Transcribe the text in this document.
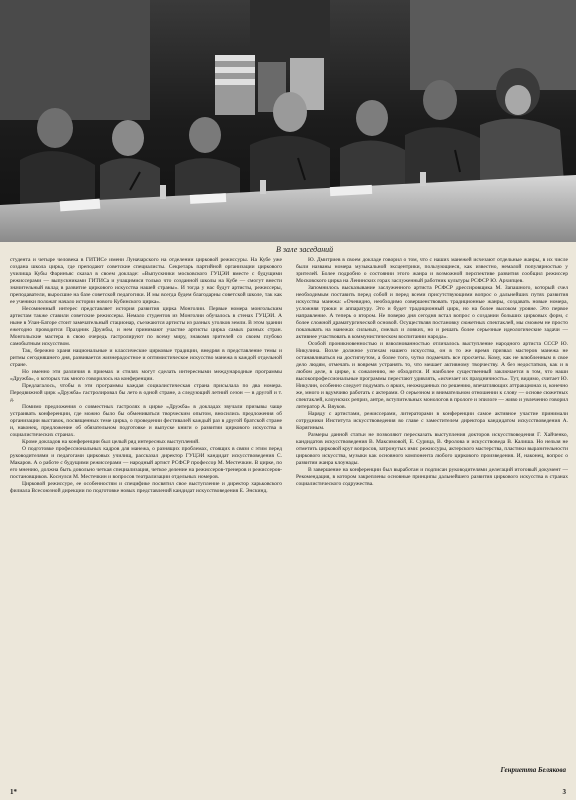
В зале заседаний

студента и четыре человека в ГИТИСе имени Луначарского на отделении цирковой режиссуры. На Кубе уже создана школа цирка, где преподают советские специалисты. Секретарь партийной организации циркового училища Кубы Фаринъяс сказал в своем докладе: «Выпускники московского ГУЦЭИ вместе с будущими режиссерами — выпускниками ГИТИСа и учащимися только что созданной школы на Кубе — смогут внести значительный вклад в развитие циркового искусства нашей страны». И тогда у нас будут артисты, режиссеры, преподаватели, выросшие на базе советской педагогики. И мы всегда будем благодарны советской школе, так как ее ученики положат начало истории нового Кубинского цирка».

Несомненный интерес представляет история развития цирка Монголии. Первые номера монгольским артистам также ставили советские режиссеры. Немало студентов из Монголии обучалось в стенах ГУЦЭИ. А ныне в Улан-Баторе стоит замечательный стационар, съезжаются артисты из разных уголков земли. В этом здании ежегодно проводится Праздник Дружбы, и нем принимают участие артисты цирка самых разных стран. Монгольские мастера в свою очередь гастролируют по всему миру, знакомя зрителей со своим глубоко самобытным искусством.

Так, бережно храня национальные и классические цирковые традиции, внедряя в представление темы и ритмы сегодняшнего дня, развивается жизнерадостное и оптимистическое искусство манежа в каждой отдельной стране.

Но именно эти различия в приемах и стилях могут сделать интересными международные программы «Дружба», о которых так много говорилось на конференции.

Предлагалось, чтобы в эти программы каждая социалистическая страна присылала по два номера. Передвижной цирк «Дружба» гастролировал бы лето в одной стране, а следующий летний сезон — в другой и т. д.

Помимо предложения о совместных гастролях в цирке «Дружба» в докладах звучали призывы чаще устраивать конференции, где можно было бы обмениваться творческим опытом, вносились предложения об организации выставок, посвященных теме цирка, о проведении фестивалей каждый раз в другой братской стране и, наконец, предложение об обязательном подготовке и выпуске книги о развитии циркового искусства в социалистических странах.

Кроме докладов на конференции был целый ряд интересных выступлений.

О подготовке профессиональных кадров для манежа, о разнящих проблемах, стоящих в связи с этим перед руководителями и педагогами цирковых училищ, рассказал директор ГУЦЭИ кандидат искусствоведения С. Макаров. А о работе с будущими режиссерами — народный артист РСФСР профессор М. Местечкин. В цирке, по его мнению, должна быть довольно четкая специализация, четкое деление на режиссеров-тренеров и режиссеров-постановщиков. Коснулся М. Местечкин и вопросов театрализации отдельных номеров.

Цирковой режиссуре, ее особенностям и специфике посвятил свое выступление и директор харьковского филиала Всесоюзной дирекции по подготовке новых представлений кандидат искусствоведения Е. Энскинд.

Ю. Дмитриев в своем докладе говорил о том, что с наших манежей исчезают отдельные жанры, в их числе были названы номера музыкальной эксцентрики, пользующиеся, как известно, немалой популярностью у зрителей. Более подробно о состоянии этого жанра и возможной перспективе развития сообщил режиссер Московского цирка на Ленинских горах заслуженный работник культуры РСФСР Ю. Архипцев.

Запомнилось высказывание заслуженного артиста РСФСР дрессировщика М. Запашного, который счел необходимым поставить перед собой и перед всеми присутствующими вопрос о дальнейших путях развития искусства манежа: «Очевидно, необходимо совершенствовать традиционные жанры, создавать новые номера, усложняя трюки и аппаратуру. Это и будет традиционный цирк, но на более высоком уровне. Это первое направление. А теперь о втором. Не поверю дня сегодня встал вопрос о создании больших цирковых форм, с более сложной драматургической основой. Осуществляя постановку сюжетных спектаклей, мы сможем не просто показывать на манежах сильных, смелых и ловких, но и решать более серьезные идеологические задачи — активнее участвовать в коммунистическом воспитании народа».

Особой проникновенностью и взволнованностью отличалось выступление народного артиста СССР Ю. Никулина. Возле должное успехам нашего искусства, он в то же время призвал мастеров манежа не останавливаться на достигнутом, а более того, чутко подмечать все просчеты. Кому, как не влюбленным в свое дело людям, отмечать и вовремя устранять то, что мешает активному творчеству. А без недостатков, как и в любом деле, в цирке, к сожалению, не обходится. И наиболее существенный заключается в том, что наши высокопрофессиональные программы перестают удивлять, «исчезает их праздничность». Тут, видимо, считает Ю. Никулин, особенно следует подумать о ярких, неожиданных по решению, впечатляющих аттракционах и, конечно же, много и вдумчиво работать с актерами. О серьезном и внимательном отношении к слову — основе сюжетных спектаклей, клоунских реприз, антре, вступительных монологов в прологе и эпилоге — живо и увлеченно говорил литератор А. Вяуков.

Наряду с артистами, режиссерами, литераторами в конференции самое активное участие принимали сотрудники Института искусствоведения во главе с заместителем директора кандидатом искусствоведения А. Корягиным.

Размеры данной статьи не позволяют пересказать выступления докторов искусствоведения Г. Хайченко, кандидатов искусствоведения В. Максимовой, Е. Сурица, В. Фролова и искусствоведа В. Калиша. Но нельзя не отметить цирковой круг вопросов, затронутых ими: режиссуры, актерского мастерства, пластики выразительности циркового искусства, музыки как основного компонента любого циркового произведения. И, наконец, вопрос о развитии жанра клоунады.

В завершение на конференции был выработан и подписан руководителями делегаций итоговый документ — Рекомендация, в котором закреплены основные принципы дальнейшего развития циркового искусства в странах социалистического содружества.

Генриетта Белякова
1*	3
